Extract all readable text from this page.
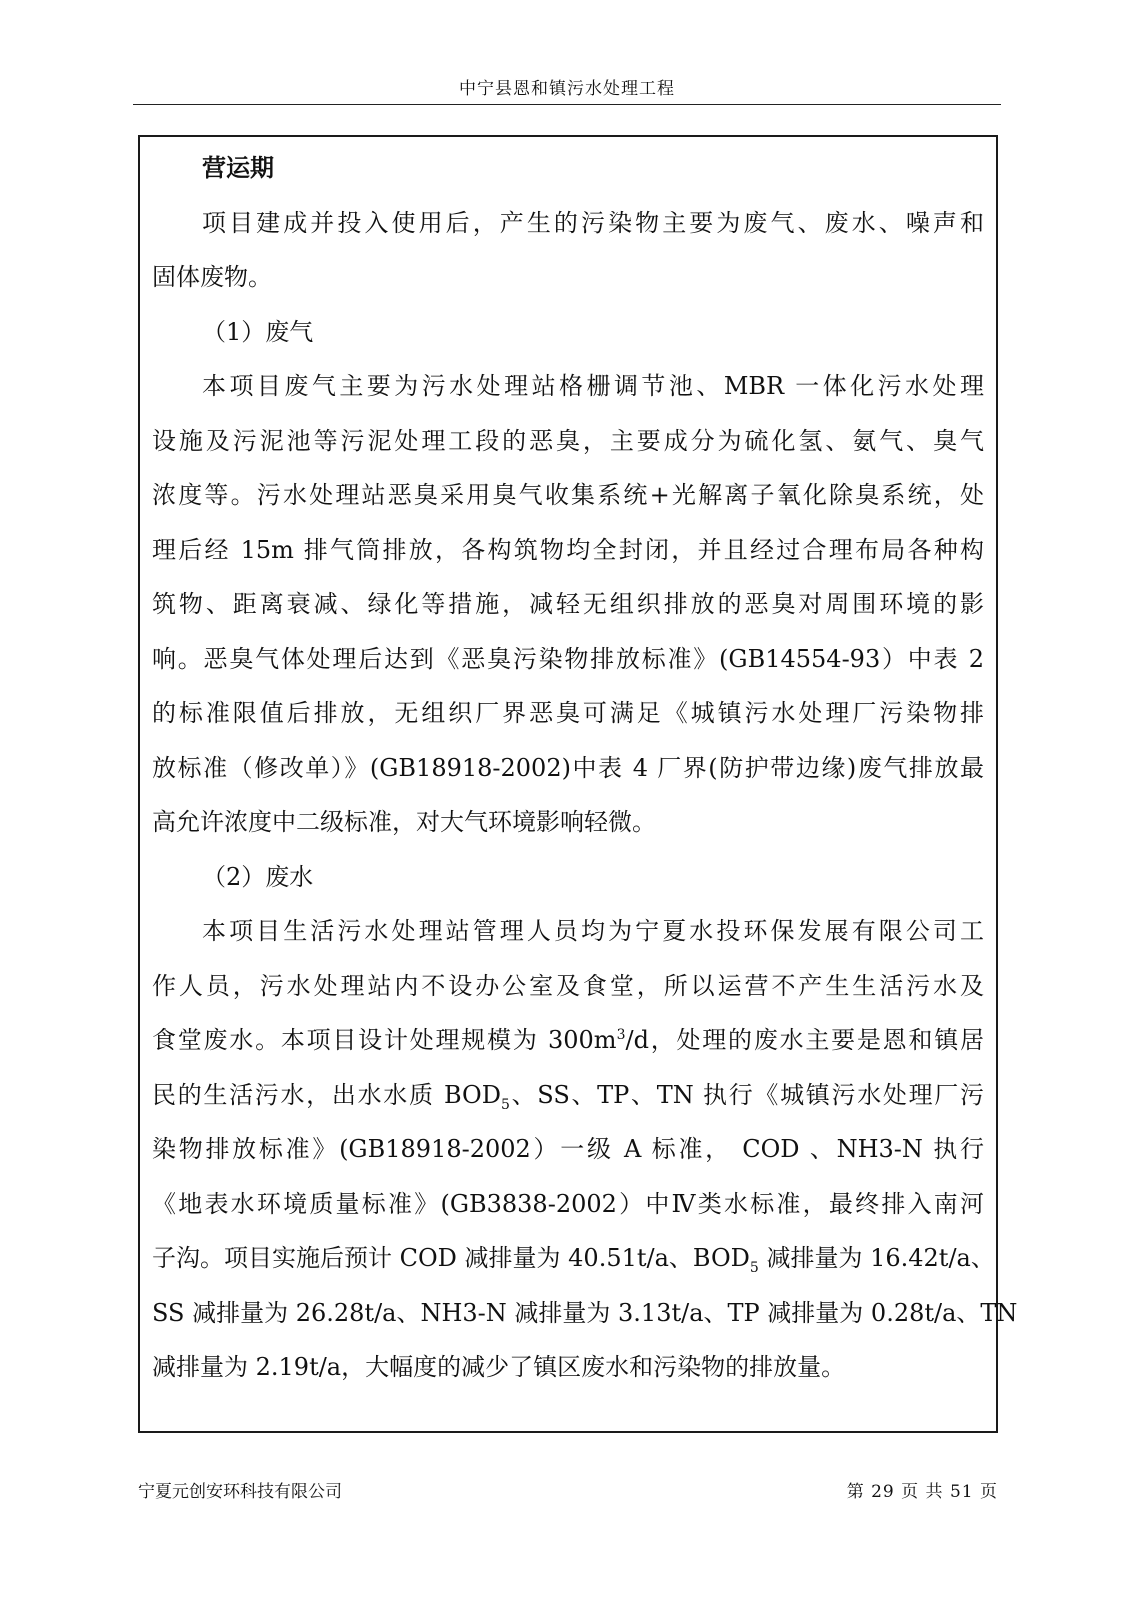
中宁县恩和镇污水处理工程
营运期
项目建成并投入使用后，产生的污染物主要为废气、废水、噪声和
固体废物。
（1）废气
本项目废气主要为污水处理站格栅调节池、MBR 一体化污水处理
设施及污泥池等污泥处理工段的恶臭，主要成分为硫化氢、氨气、臭气
浓度等。污水处理站恶臭采用臭气收集系统+光解离子氧化除臭系统，处
理后经 15m 排气筒排放，各构筑物均全封闭，并且经过合理布局各种构
筑物、距离衰减、绿化等措施，减轻无组织排放的恶臭对周围环境的影
响。恶臭气体处理后达到《恶臭污染物排放标准》(GB14554-93）中表 2
的标准限值后排放，无组织厂界恶臭可满足《城镇污水处理厂污染物排
放标准（修改单）》(GB18918-2002)中表 4 厂界(防护带边缘)废气排放最
高允许浓度中二级标准，对大气环境影响轻微。
（2）废水
本项目生活污水处理站管理人员均为宁夏水投环保发展有限公司工
作人员，污水处理站内不设办公室及食堂，所以运营不产生生活污水及
食堂废水。本项目设计处理规模为 $300m^3/d$，处理的废水主要是恩和镇居
民的生活污水，出水水质 $BOD_5$、SS、TP、TN 执行《城镇污水处理厂污
染物排放标准》(GB18918-2002）一级 A 标准， COD 、NH3-N 执行
《地表水环境质量标准》(GB3838-2002）中Ⅳ类水标准，最终排入南河
子沟。项目实施后预计 COD 减排量为 40.51t/a、$BOD_5$ 减排量为 16.42t/a、
SS 减排量为 26.28t/a、NH3-N 减排量为 3.13t/a、TP 减排量为 0.28t/a、TN
减排量为 2.19t/a，大幅度的减少了镇区废水和污染物的排放量。
宁夏元创安环科技有限公司	第 29 页 共 51 页
